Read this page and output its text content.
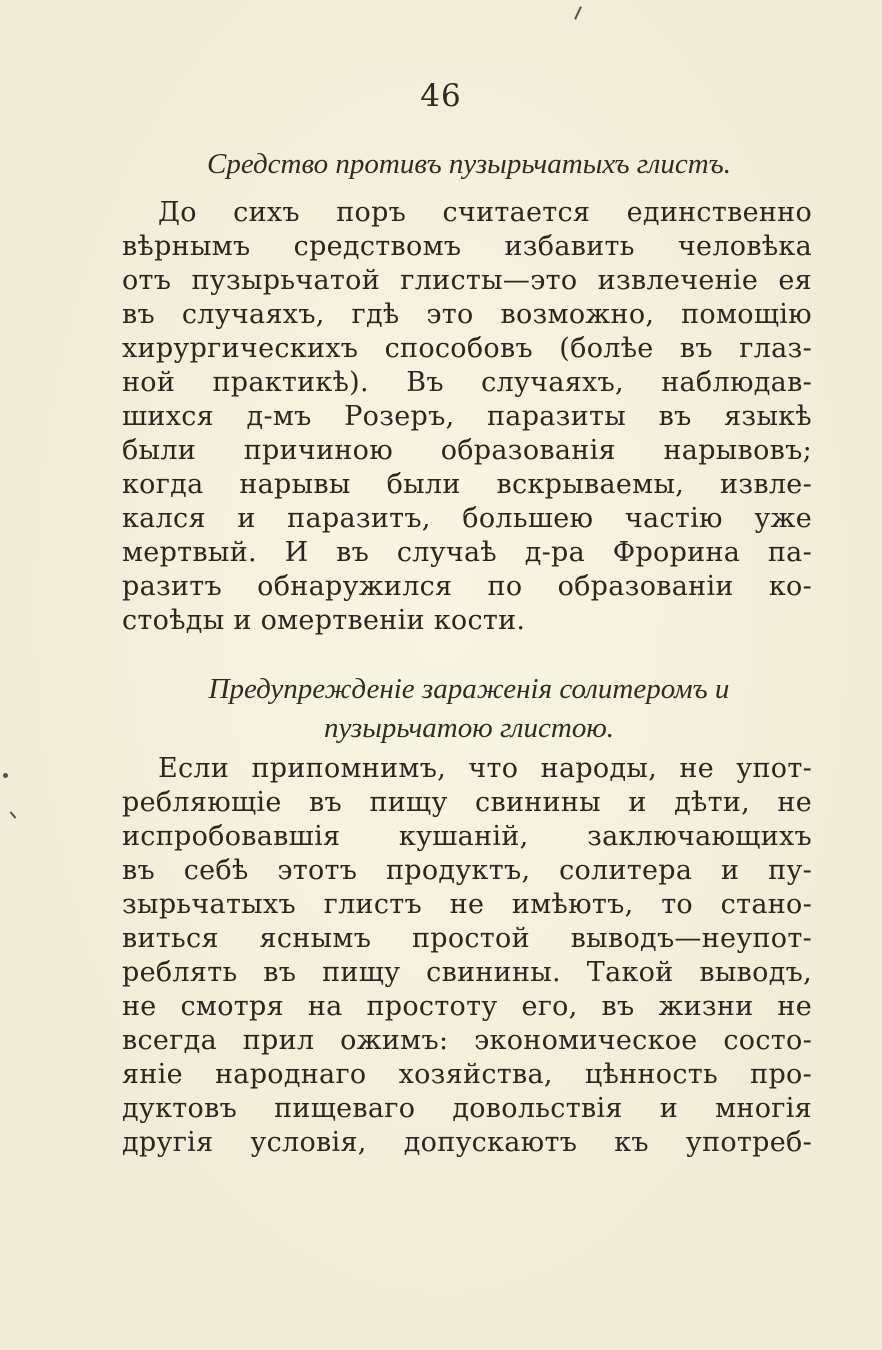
46
Средство противъ пузырьчатыхъ глистъ.
До сихъ поръ считается единственно
вѣрнымъ средствомъ избавить человѣка
отъ пузырьчатой глисты—это извлеченіе ея
въ случаяхъ, гдѣ это возможно, помощію
хирургическихъ способовъ (болѣе въ глаз-
ной практикѣ). Въ случаяхъ, наблюдав-
шихся д-мъ Розеръ, паразиты въ языкѣ
были причиною образованія нарывовъ;
когда нарывы были вскрываемы, извле-
кался и паразитъ, большею частію уже
мертвый. И въ случаѣ д-ра Фрорина па-
разитъ обнаружился по образованіи ко-
стоѣды и омертвеніи кости.
Предупрежденіе зараженія солитеромъ и
пузырьчатою глистою.
Если припомнимъ, что народы, не упот-
ребляющіе въ пищу свинины и дѣти, не
испробовавшія кушаній, заключающихъ
въ себѣ этотъ продуктъ, солитера и пу-
зырьчатыхъ глистъ не имѣютъ, то стано-
виться яснымъ простой выводъ—неупот-
реблять въ пищу свинины. Такой выводъ,
не смотря на простоту его, въ жизни не
всегда прил ожимъ: экономическое состо-
яніе народнаго хозяйства, цѣнность про-
дуктовъ пищеваго довольствія и многія
другія условія, допускаютъ къ употреб-
